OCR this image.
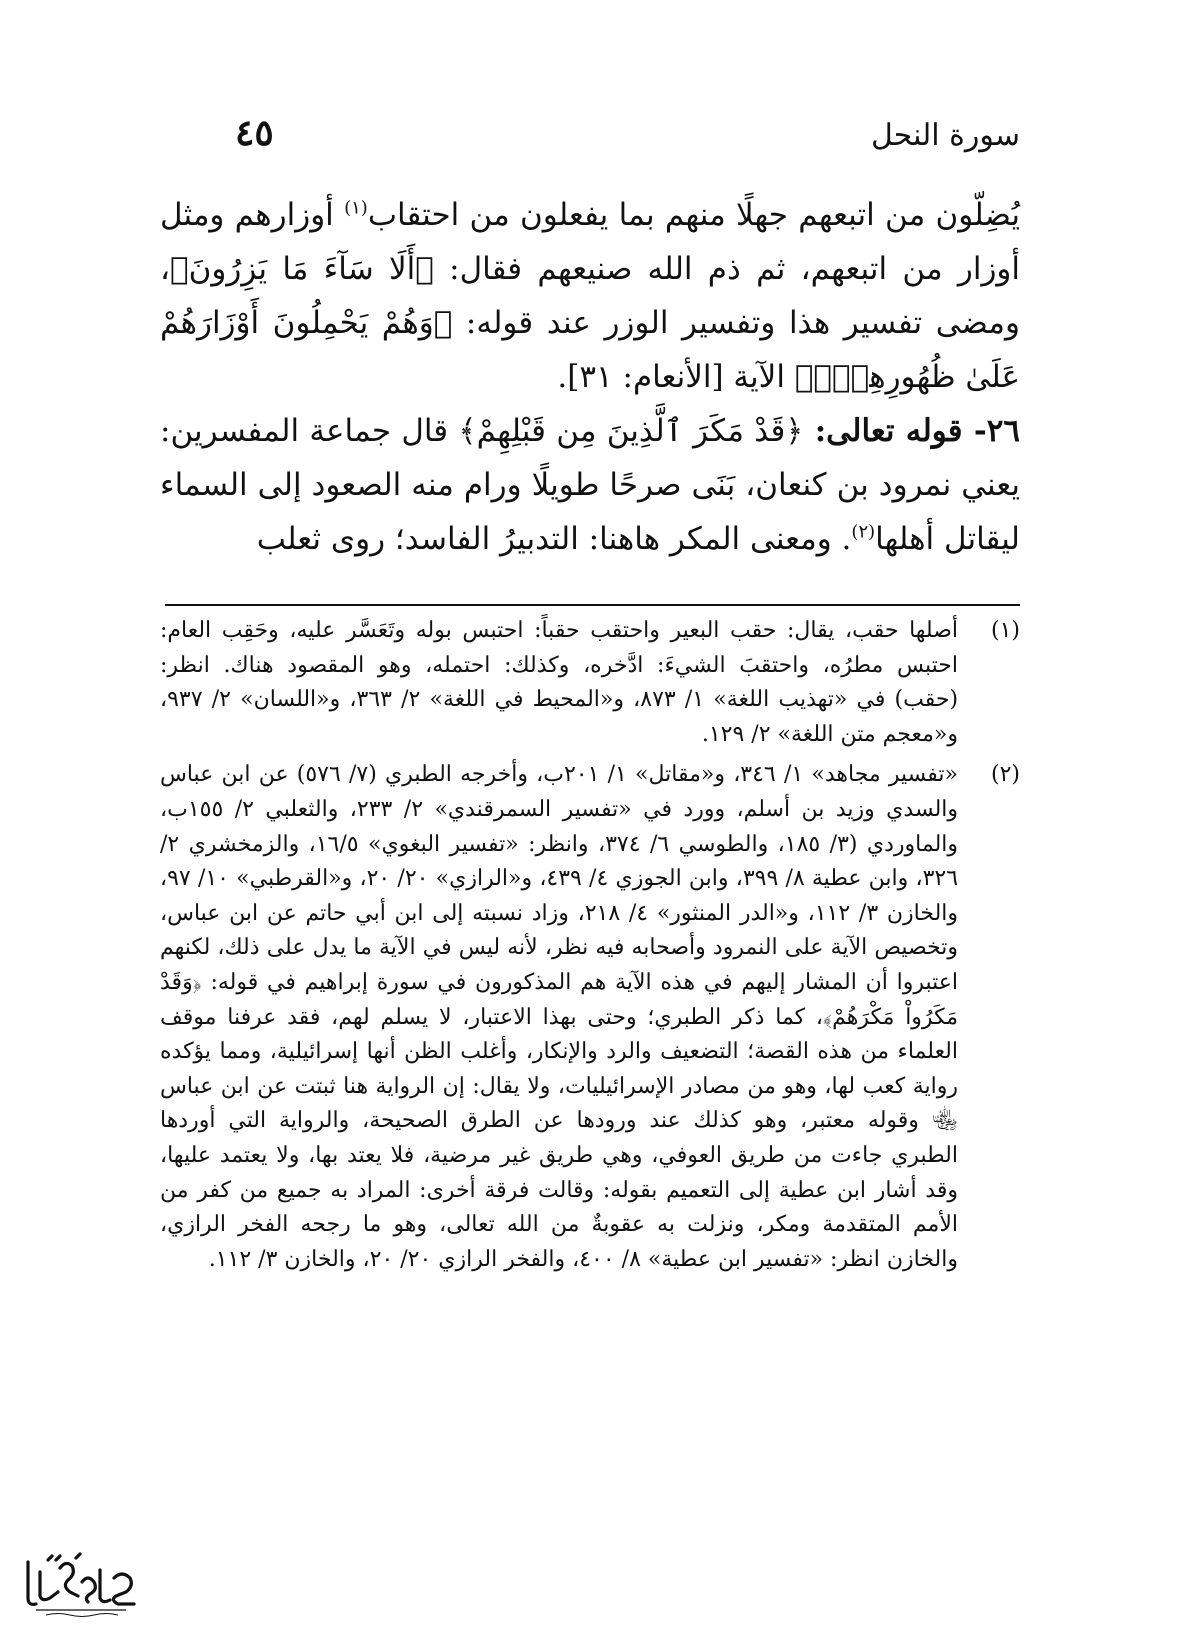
سورة النحل
٤٥

يُضِلّون من اتبعهم جهلًا منهم بما يفعلون من احتقاب$^{(١)}$ أوزارهم ومثل أوزار من اتبعهم، ثم ذم الله صنيعهم فقال: ﴿أَلَا سَآءَ مَا يَزِرُونَ﴾، ومضى تفسير هذا وتفسير الوزر عند قوله: ﴿وَهُمْ يَحْمِلُونَ أَوْزَارَهُمْ عَلَىٰ ظُهُورِهِمْۚ﴾ الآية [الأنعام: ٣١].

٢٦- قوله تعالى: ﴿قَدْ مَكَرَ ٱلَّذِينَ مِن قَبْلِهِمْ﴾ قال جماعة المفسرين: يعني نمرود بن كنعان، بَنَى صرحًا طويلًا ورام منه الصعود إلى السماء ليقاتل أهلها$^{(٢)}$. ومعنى المكر هاهنا: التدبيرُ الفاسد؛ روى ثعلب

(١)
أصلها حقب، يقال: حقب البعير واحتقب حقباً: احتبس بوله وتَعَسَّر عليه، وحَقِب العام: احتبس مطرُه، واحتقبَ الشيءَ: ادَّخره، وكذلك: احتمله، وهو المقصود هناك. انظر: (حقب) في «تهذيب اللغة» ١/ ٨٧٣، و«المحيط في اللغة» ٢/ ٣٦٣، و«اللسان» ٢/ ٩٣٧، و«معجم متن اللغة» ٢/ ١٢٩.
(٢)
«تفسير مجاهد» ١/ ٣٤٦، و«مقاتل» ١/ ٢٠١ب، وأخرجه الطبري (٧/ ٥٧٦) عن ابن عباس والسدي وزيد بن أسلم، وورد في «تفسير السمرقندي» ٢/ ٢٣٣، والثعلبي ٢/ ١٥٥ب، والماوردي (٣/ ١٨٥، والطوسي ٦/ ٣٧٤، وانظر: «تفسير البغوي» ١٦/٥، والزمخشري ٢/ ٣٢٦، وابن عطية ٨/ ٣٩٩، وابن الجوزي ٤/ ٤٣٩، و«الرازي» ٢٠/ ٢٠، و«القرطبي» ١٠/ ٩٧، والخازن ٣/ ١١٢، و«الدر المنثور» ٤/ ٢١٨، وزاد نسبته إلى ابن أبي حاتم عن ابن عباس، وتخصيص الآية على النمرود وأصحابه فيه نظر، لأنه ليس في الآية ما يدل على ذلك، لكنهم اعتبروا أن المشار إليهم في هذه الآية هم المذكورون في سورة إبراهيم في قوله: ﴿وَقَدْ مَكَرُواْ مَكْرَهُمْ﴾، كما ذكر الطبري؛ وحتى بهذا الاعتبار، لا يسلم لهم، فقد عرفنا موقف العلماء من هذه القصة؛ التضعيف والرد والإنكار، وأغلب الظن أنها إسرائيلية، ومما يؤكده رواية كعب لها، وهو من مصادر الإسرائيليات، ولا يقال: إن الرواية هنا ثبتت عن ابن عباس ﵄ وقوله معتبر، وهو كذلك عند ورودها عن الطرق الصحيحة، والرواية التي أوردها الطبري جاءت من طريق العوفي، وهي طريق غير مرضية، فلا يعتد بها، ولا يعتمد عليها، وقد أشار ابن عطية إلى التعميم بقوله: وقالت فرقة أخرى: المراد به جميع من كفر من الأمم المتقدمة ومكر، ونزلت به عقوبةٌ من الله تعالى، وهو ما رجحه الفخر الرازي، والخازن انظر: «تفسير ابن عطية» ٨/ ٤٠٠، والفخر الرازي ٢٠/ ٢٠، والخازن ٣/ ١١٢.
